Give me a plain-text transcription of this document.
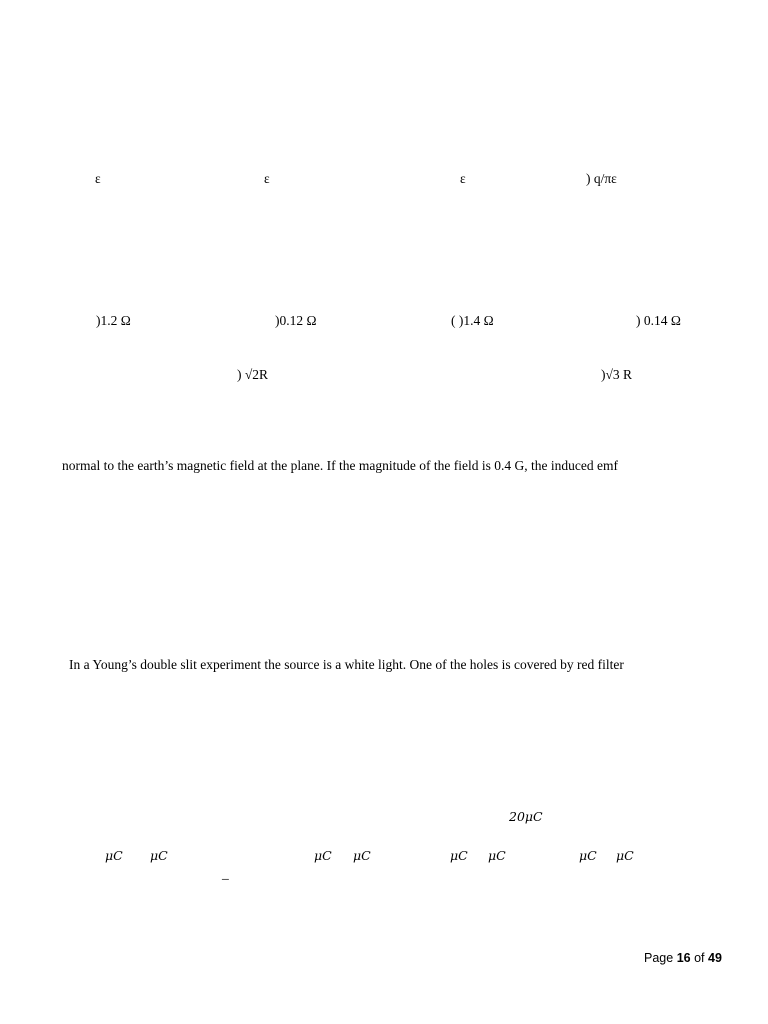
ε	ε	ε	) q/πε
)1.2 Ω	)0.12 Ω	( )1.4 Ω	) 0.14 Ω
) √2R	)√3 R
normal to the earth’s magnetic field at the plane. If the magnitude of the field is 0.4 G, the induced emf
In a Young’s double slit experiment the source is a white light. One of the holes is covered by red filter
20μC
μC μC	μC μC	μC μC	μC μC
_
Page 16 of 49
